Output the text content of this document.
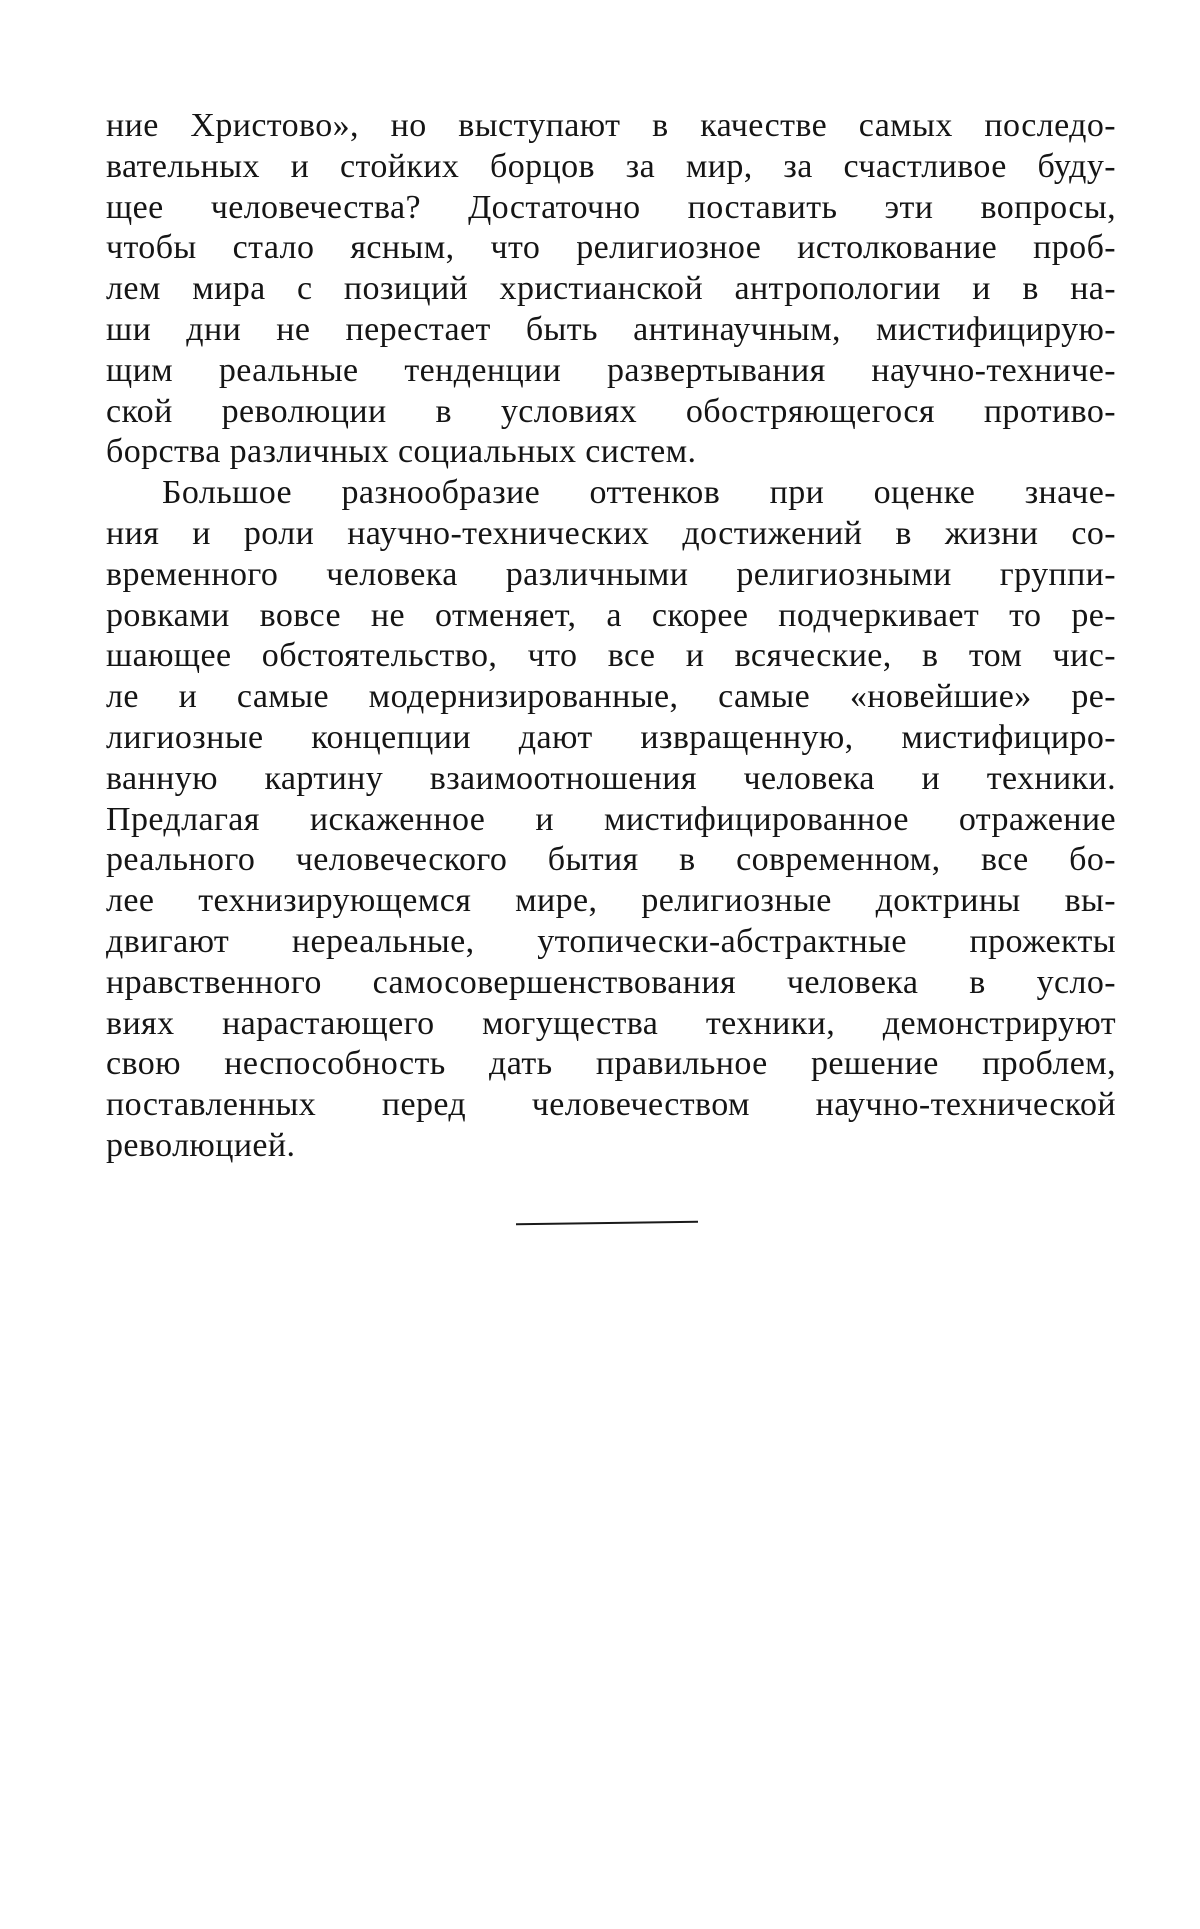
ние Христово», но выступают в качестве самых последо-
вательных и стойких борцов за мир, за счастливое буду-
щее человечества? Достаточно поставить эти вопросы,
чтобы стало ясным, что религиозное истолкование проб-
лем мира с позиций христианской антропологии и в на-
ши дни не перестает быть антинаучным, мистифицирую-
щим реальные тенденции развертывания научно-техниче-
ской революции в условиях обостряющегося противо-
борства различных социальных систем.
Большое разнообразие оттенков при оценке значе-
ния и роли научно-технических достижений в жизни со-
временного человека различными религиозными группи-
ровками вовсе не отменяет, а скорее подчеркивает то ре-
шающее обстоятельство, что все и всяческие, в том чис-
ле и самые модернизированные, самые «новейшие» ре-
лигиозные концепции дают извращенную, мистифициро-
ванную картину взаимоотношения человека и техники.
Предлагая искаженное и мистифицированное отражение
реального человеческого бытия в современном, все бо-
лее технизирующемся мире, религиозные доктрины вы-
двигают нереальные, утопически-абстрактные прожекты
нравственного самосовершенствования человека в усло-
виях нарастающего могущества техники, демонстрируют
свою неспособность дать правильное решение проблем,
поставленных перед человечеством научно-технической
революцией.
